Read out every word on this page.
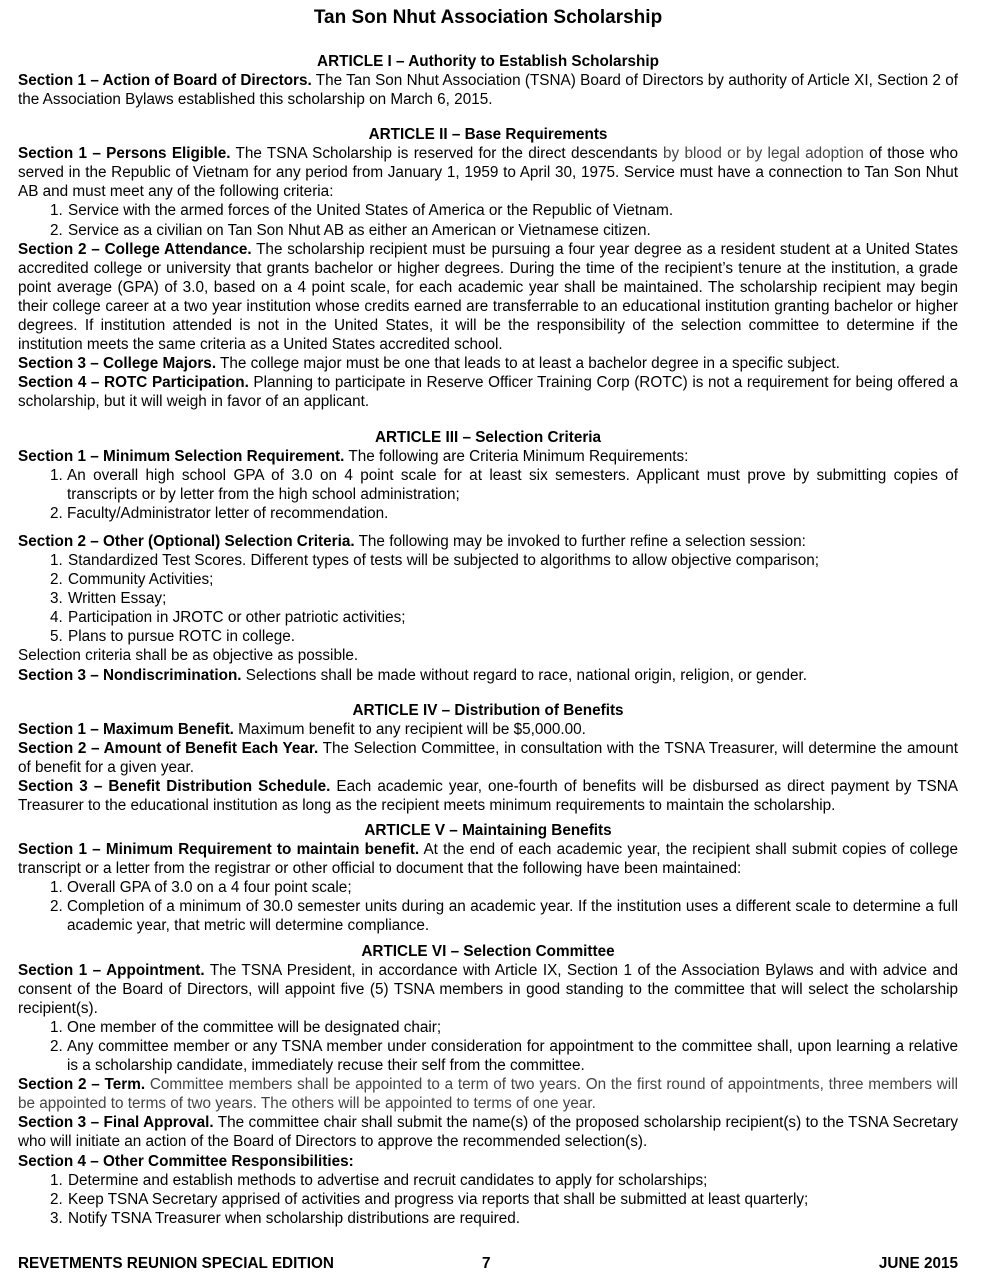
Tan Son Nhut Association Scholarship
ARTICLE I – Authority to Establish Scholarship

Section 1 – Action of Board of Directors. The Tan Son Nhut Association (TSNA) Board of Directors by authority of Article XI, Section 2 of the Association Bylaws established this scholarship on March 6, 2015.

ARTICLE II – Base Requirements

Section 1 – Persons Eligible. The TSNA Scholarship is reserved for the direct descendants by blood or by legal adoption of those who served in the Republic of Vietnam for any period from January 1, 1959 to April 30, 1975. Service must have a connection to Tan Son Nhut AB and must meet any of the following criteria:

1. Service with the armed forces of the United States of America or the Republic of Vietnam.
2. Service as a civilian on Tan Son Nhut AB as either an American or Vietnamese citizen.

Section 2 – College Attendance. The scholarship recipient must be pursuing a four year degree as a resident student at a United States accredited college or university that grants bachelor or higher degrees. During the time of the recipient’s tenure at the institution, a grade point average (GPA) of 3.0, based on a 4 point scale, for each academic year shall be maintained. The scholarship recipient may begin their college career at a two year institution whose credits earned are transferrable to an educational institution granting bachelor or higher degrees. If institution attended is not in the United States, it will be the responsibility of the selection committee to determine if the institution meets the same criteria as a United States accredited school.

Section 3 – College Majors. The college major must be one that leads to at least a bachelor degree in a specific subject.

Section 4 – ROTC Participation. Planning to participate in Reserve Officer Training Corp (ROTC) is not a requirement for being offered a scholarship, but it will weigh in favor of an applicant.

ARTICLE III – Selection Criteria

Section 1 – Minimum Selection Requirement. The following are Criteria Minimum Requirements:

1. An overall high school GPA of 3.0 on 4 point scale for at least six semesters. Applicant must prove by submitting copies of transcripts or by letter from the high school administration;
2. Faculty/Administrator letter of recommendation.

Section 2 – Other (Optional) Selection Criteria. The following may be invoked to further refine a selection session:

1. Standardized Test Scores. Different types of tests will be subjected to algorithms to allow objective comparison;
2. Community Activities;
3. Written Essay;
4. Participation in JROTC or other patriotic activities;
5. Plans to pursue ROTC in college.

Selection criteria shall be as objective as possible.

Section 3 – Nondiscrimination. Selections shall be made without regard to race, national origin, religion, or gender.

ARTICLE IV – Distribution of Benefits

Section 1 – Maximum Benefit. Maximum benefit to any recipient will be $5,000.00.

Section 2 – Amount of Benefit Each Year. The Selection Committee, in consultation with the TSNA Treasurer, will determine the amount of benefit for a given year.

Section 3 – Benefit Distribution Schedule. Each academic year, one-fourth of benefits will be disbursed as direct payment by TSNA Treasurer to the educational institution as long as the recipient meets minimum requirements to maintain the scholarship.

ARTICLE V – Maintaining Benefits

Section 1 – Minimum Requirement to maintain benefit. At the end of each academic year, the recipient shall submit copies of college transcript or a letter from the registrar or other official to document that the following have been maintained:

1. Overall GPA of 3.0 on a 4 four point scale;
2. Completion of a minimum of 30.0 semester units during an academic year. If the institution uses a different scale to determine a full academic year, that metric will determine compliance.
ARTICLE VI – Selection Committee

Section 1 – Appointment. The TSNA President, in accordance with Article IX, Section 1 of the Association Bylaws and with advice and consent of the Board of Directors, will appoint five (5) TSNA members in good standing to the committee that will select the scholarship recipient(s).

1. One member of the committee will be designated chair;
2. Any committee member or any TSNA member under consideration for appointment to the committee shall, upon learning a relative is a scholarship candidate, immediately recuse their self from the committee.

Section 2 – Term. Committee members shall be appointed to a term of two years. On the first round of appointments, three members will be appointed to terms of two years. The others will be appointed to terms of one year.

Section 3 – Final Approval. The committee chair shall submit the name(s) of the proposed scholarship recipient(s) to the TSNA Secretary who will initiate an action of the Board of Directors to approve the recommended selection(s).

Section 4 – Other Committee Responsibilities:

1. Determine and establish methods to advertise and recruit candidates to apply for scholarships;
2. Keep TSNA Secretary apprised of activities and progress via reports that shall be submitted at least quarterly;
3. Notify TSNA Treasurer when scholarship distributions are required.
REVETMENTS REUNION SPECIAL EDITION	7	JUNE 2015
